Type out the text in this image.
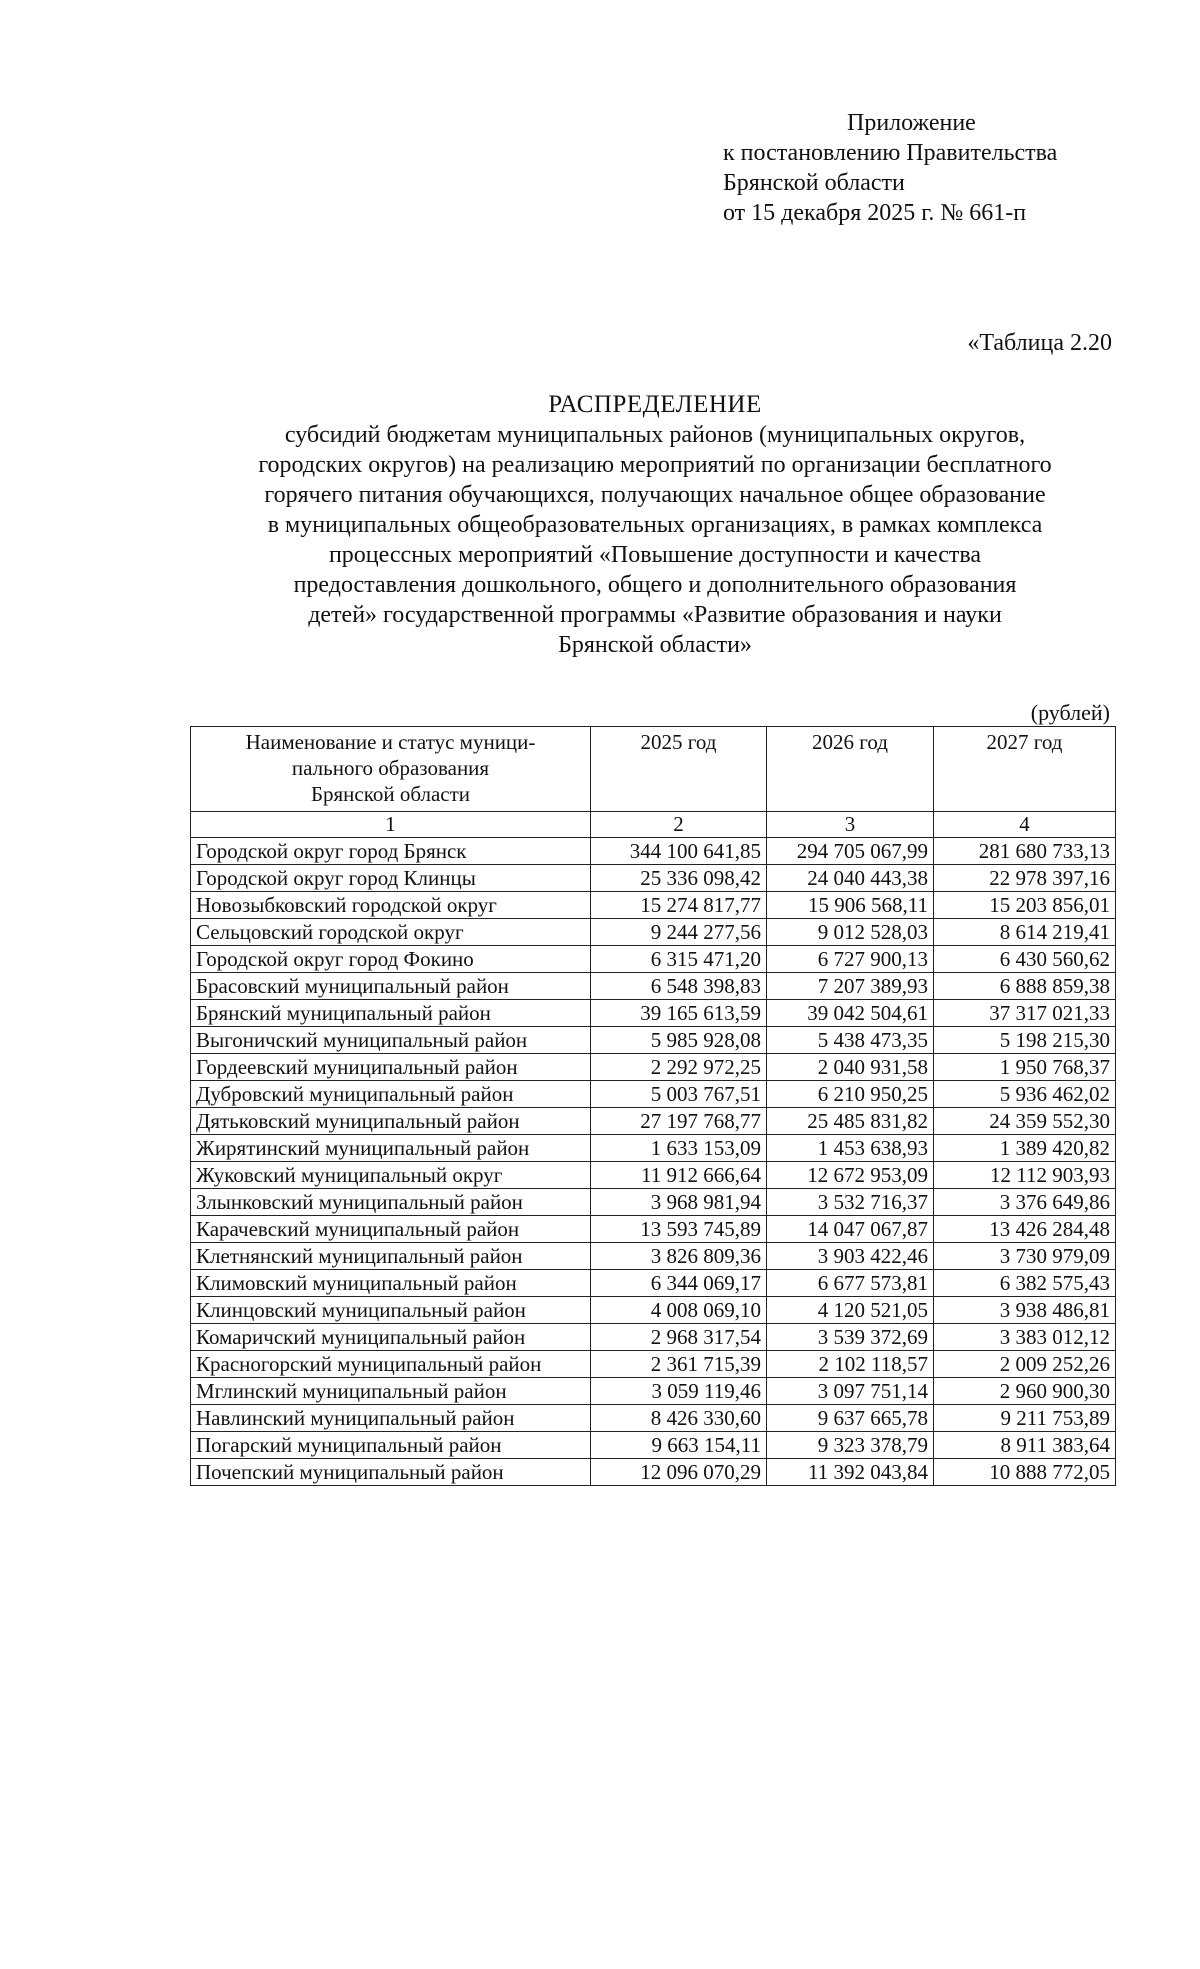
Приложение
к постановлению Правительства
Брянской области
от 15 декабря 2025 г. № 661-п
«Таблица 2.20
РАСПРЕДЕЛЕНИЕ
субсидий бюджетам муниципальных районов (муниципальных округов,
городских округов) на реализацию мероприятий по организации бесплатного
горячего питания обучающихся, получающих начальное общее образование
в муниципальных общеобразовательных организациях, в рамках комплекса
процессных мероприятий «Повышение доступности и качества
предоставления дошкольного, общего и дополнительного образования
детей» государственной программы «Развитие образования и науки
Брянской области»
(рублей)
Наименование и статус муници-
пального образования
Брянской области	2025 год	2026 год	2027 год
1	2	3	4
Городской округ город Брянск	344 100 641,85	294 705 067,99	281 680 733,13
Городской округ город Клинцы	25 336 098,42	24 040 443,38	22 978 397,16
Новозыбковский городской округ	15 274 817,77	15 906 568,11	15 203 856,01
Сельцовский городской округ	9 244 277,56	9 012 528,03	8 614 219,41
Городской округ город Фокино	6 315 471,20	6 727 900,13	6 430 560,62
Брасовский муниципальный район	6 548 398,83	7 207 389,93	6 888 859,38
Брянский муниципальный район	39 165 613,59	39 042 504,61	37 317 021,33
Выгоничский муниципальный район	5 985 928,08	5 438 473,35	5 198 215,30
Гордеевский муниципальный район	2 292 972,25	2 040 931,58	1 950 768,37
Дубровский муниципальный район	5 003 767,51	6 210 950,25	5 936 462,02
Дятьковский муниципальный район	27 197 768,77	25 485 831,82	24 359 552,30
Жирятинский муниципальный район	1 633 153,09	1 453 638,93	1 389 420,82
Жуковский муниципальный округ	11 912 666,64	12 672 953,09	12 112 903,93
Злынковский муниципальный район	3 968 981,94	3 532 716,37	3 376 649,86
Карачевский муниципальный район	13 593 745,89	14 047 067,87	13 426 284,48
Клетнянский муниципальный район	3 826 809,36	3 903 422,46	3 730 979,09
Климовский муниципальный район	6 344 069,17	6 677 573,81	6 382 575,43
Клинцовский муниципальный район	4 008 069,10	4 120 521,05	3 938 486,81
Комаричский муниципальный район	2 968 317,54	3 539 372,69	3 383 012,12
Красногорский муниципальный район	2 361 715,39	2 102 118,57	2 009 252,26
Мглинский муниципальный район	3 059 119,46	3 097 751,14	2 960 900,30
Навлинский муниципальный район	8 426 330,60	9 637 665,78	9 211 753,89
Погарский муниципальный район	9 663 154,11	9 323 378,79	8 911 383,64
Почепский муниципальный район	12 096 070,29	11 392 043,84	10 888 772,05
